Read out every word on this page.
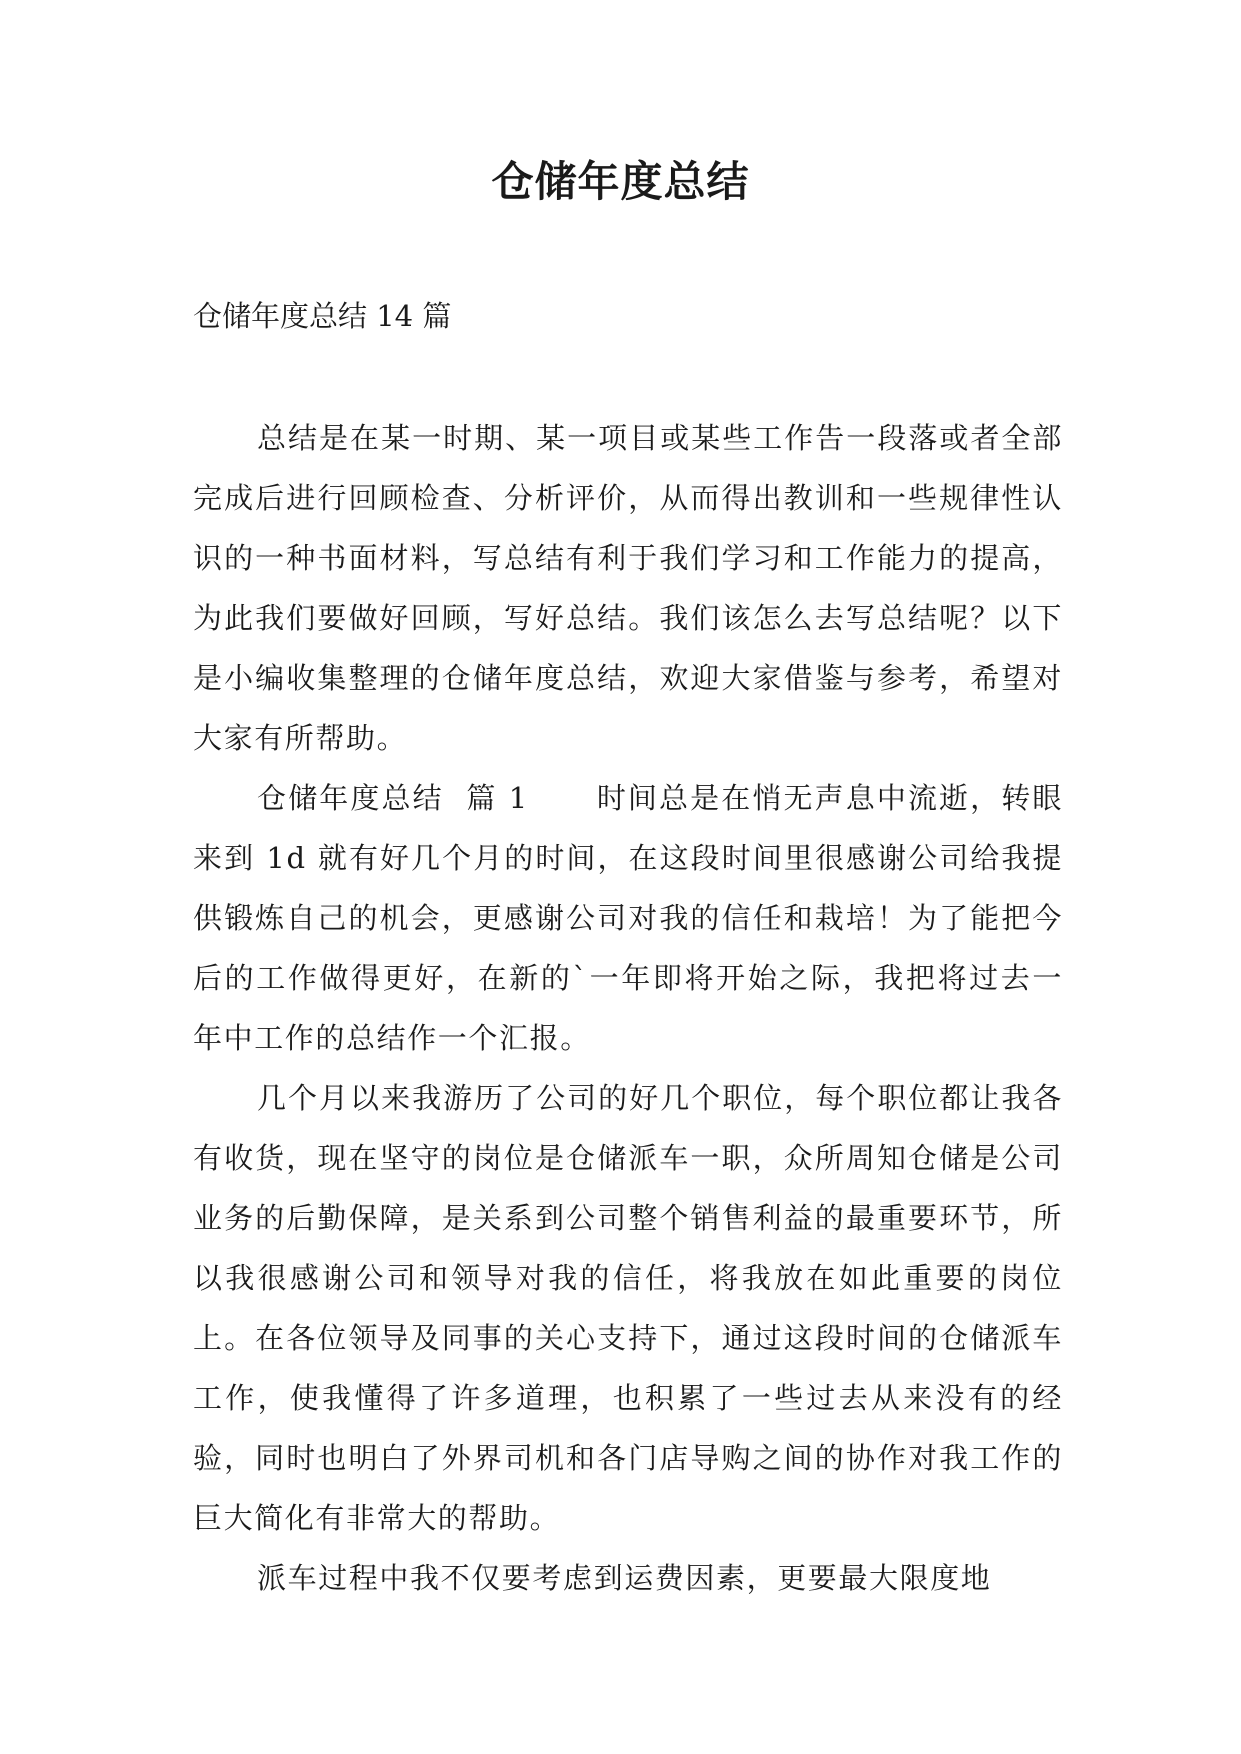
仓储年度总结

仓储年度总结 14 篇

总结是在某一时期、某一项目或某些工作告一段落或者全部完成后进行回顾检查、分析评价，从而得出教训和一些规律性认识的一种书面材料，写总结有利于我们学习和工作能力的提高，为此我们要做好回顾，写好总结。我们该怎么去写总结呢？以下是小编收集整理的仓储年度总结，欢迎大家借鉴与参考，希望对大家有所帮助。

仓储年度总结  篇 1      时间总是在悄无声息中流逝，转眼来到 1d 就有好几个月的时间，在这段时间里很感谢公司给我提供锻炼自己的机会，更感谢公司对我的信任和栽培！为了能把今后的工作做得更好，在新的`一年即将开始之际，我把将过去一年中工作的总结作一个汇报。

几个月以来我游历了公司的好几个职位，每个职位都让我各有收货，现在坚守的岗位是仓储派车一职，众所周知仓储是公司业务的后勤保障，是关系到公司整个销售利益的最重要环节，所以我很感谢公司和领导对我的信任，将我放在如此重要的岗位上。在各位领导及同事的关心支持下，通过这段时间的仓储派车工作，使我懂得了许多道理，也积累了一些过去从来没有的经验，同时也明白了外界司机和各门店导购之间的协作对我工作的巨大简化有非常大的帮助。

派车过程中我不仅要考虑到运费因素，更要最大限度地
